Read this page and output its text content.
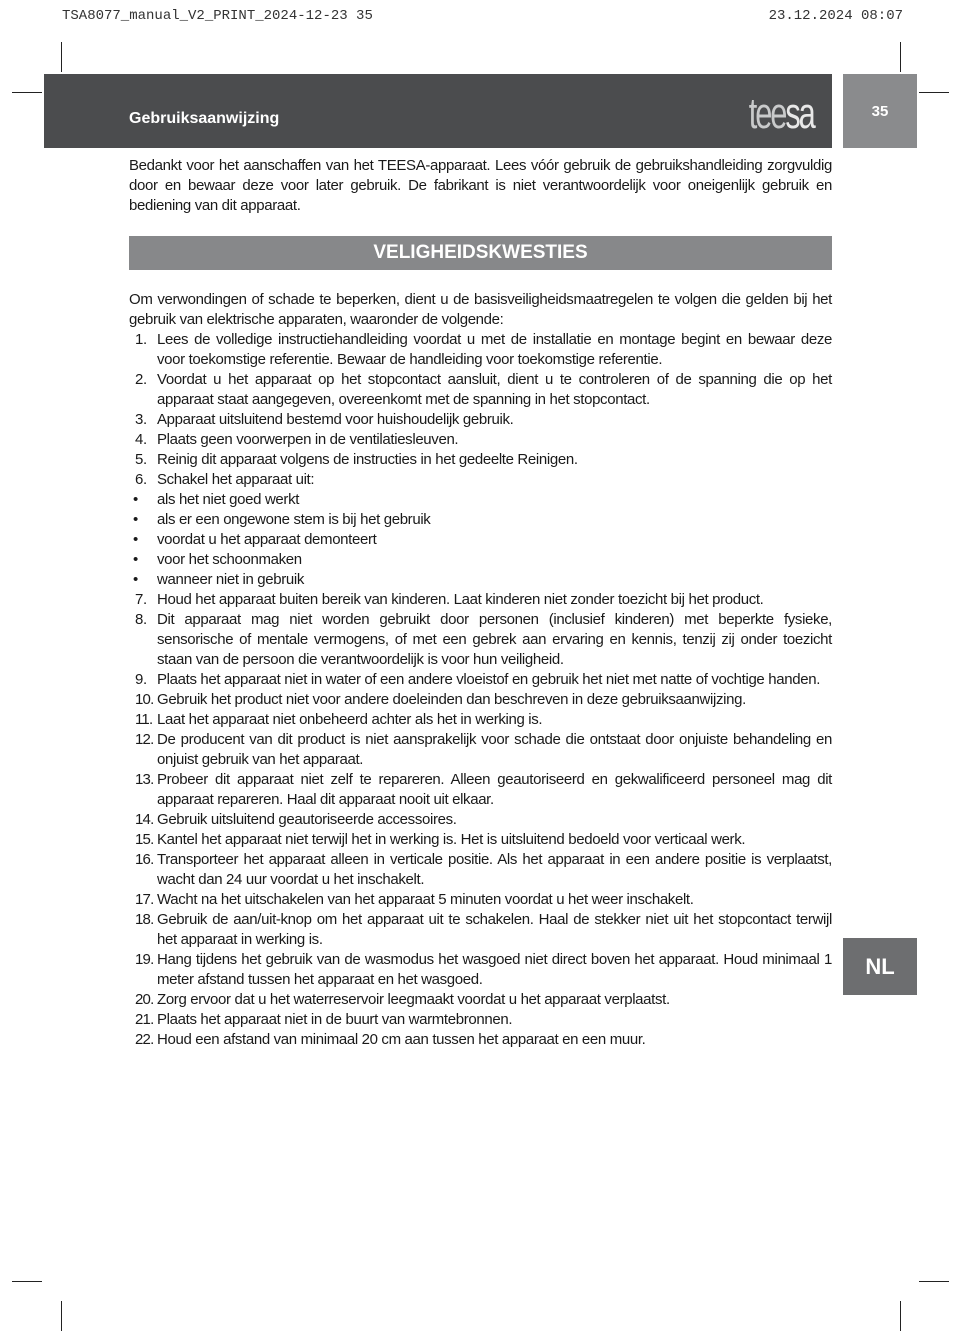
TSA8077_manual_V2_PRINT_2024-12-23 35	23.12.2024 08:07
Gebruiksaanwijzing	teesa	35
NL
Bedankt voor het aanschaffen van het TEESA-apparaat. Lees vóór gebruik de gebruikshandleiding zorgvuldig door en bewaar deze voor later gebruik. De fabrikant is niet verantwoordelijk voor oneigenlijk gebruik en bediening van dit apparaat.
VELIGHEIDSKWESTIES
Om verwondingen of schade te beperken, dient u de basisveiligheidsmaatregelen te volgen die gelden bij het gebruik van elektrische apparaten, waaronder de volgende:
1. Lees de volledige instructiehandleiding voordat u met de installatie en montage begint en bewaar deze voor toekomstige referentie. Bewaar de handleiding voor toekomstige referentie.
2. Voordat u het apparaat op het stopcontact aansluit, dient u te controleren of de spanning die op het apparaat staat aangegeven, overeenkomt met de spanning in het stopcontact.
3. Apparaat uitsluitend bestemd voor huishoudelijk gebruik.
4. Plaats geen voorwerpen in de ventilatiesleuven.
5. Reinig dit apparaat volgens de instructies in het gedeelte Reinigen.
6. Schakel het apparaat uit:
• als het niet goed werkt
• als er een ongewone stem is bij het gebruik
• voordat u het apparaat demonteert
• voor het schoonmaken
• wanneer niet in gebruik
7. Houd het apparaat buiten bereik van kinderen. Laat kinderen niet zonder toezicht bij het product.
8. Dit apparaat mag niet worden gebruikt door personen (inclusief kinderen) met beperkte fysieke, sensorische of mentale vermogens, of met een gebrek aan ervaring en kennis, tenzij zij onder toezicht staan van de persoon die verantwoordelijk is voor hun veiligheid.
9. Plaats het apparaat niet in water of een andere vloeistof en gebruik het niet met natte of vochtige handen.
10. Gebruik het product niet voor andere doeleinden dan beschreven in deze gebruiksaanwijzing.
11. Laat het apparaat niet onbeheerd achter als het in werking is.
12. De producent van dit product is niet aansprakelijk voor schade die ontstaat door onjuiste behandeling en onjuist gebruik van het apparaat.
13. Probeer dit apparaat niet zelf te repareren. Alleen geautoriseerd en gekwalificeerd personeel mag dit apparaat repareren. Haal dit apparaat nooit uit elkaar.
14. Gebruik uitsluitend geautoriseerde accessoires.
15. Kantel het apparaat niet terwijl het in werking is. Het is uitsluitend bedoeld voor verticaal werk.
16. Transporteer het apparaat alleen in verticale positie. Als het apparaat in een andere positie is verplaatst, wacht dan 24 uur voordat u het inschakelt.
17. Wacht na het uitschakelen van het apparaat 5 minuten voordat u het weer inschakelt.
18. Gebruik de aan/uit-knop om het apparaat uit te schakelen. Haal de stekker niet uit het stopcontact terwijl het apparaat in werking is.
19. Hang tijdens het gebruik van de wasmodus het wasgoed niet direct boven het apparaat. Houd minimaal 1 meter afstand tussen het apparaat en het wasgoed.
20. Zorg ervoor dat u het waterreservoir leegmaakt voordat u het apparaat verplaatst.
21. Plaats het apparaat niet in de buurt van warmtebronnen.
22. Houd een afstand van minimaal 20 cm aan tussen het apparaat en een muur.
